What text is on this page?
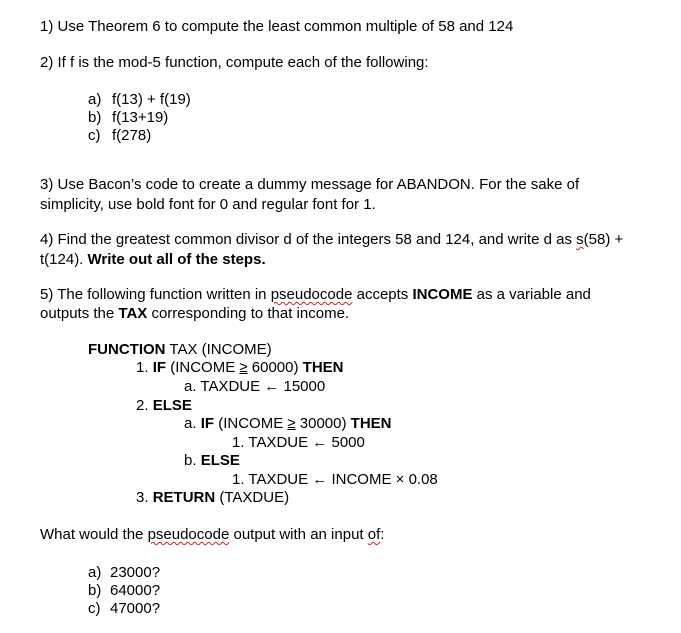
1) Use Theorem 6 to compute the least common multiple of 58 and 124
2) If f is the mod-5 function, compute each of the following:
a) f(13) + f(19)
b) f(13+19)
c) f(278)
3) Use Bacon’s code to create a dummy message for ABANDON. For the sake of
simplicity, use bold font for 0 and regular font for 1.
4) Find the greatest common divisor d of the integers 58 and 124, and write d as s(58) +
t(124). Write out all of the steps.
5) The following function written in pseudocode accepts INCOME as a variable and
outputs the TAX corresponding to that income.
FUNCTION TAX (INCOME)
1. IF (INCOME ≥ 60000) THEN
a. TAXDUE ← 15000
2. ELSE
a. IF (INCOME ≥ 30000) THEN
1. TAXDUE ← 5000
b. ELSE
1. TAXDUE ← INCOME × 0.08
3. RETURN (TAXDUE)
What would the pseudocode output with an input of:
a) 23000?
b) 64000?
c) 47000?
